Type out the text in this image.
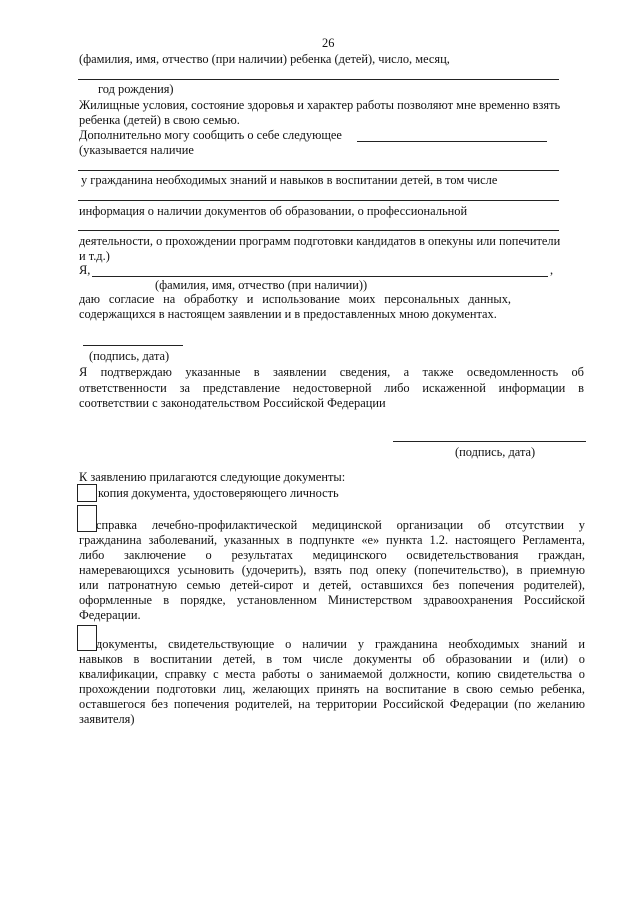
26
(фамилия, имя, отчество (при наличии) ребенка (детей), число, месяц,
год рождения)
Жилищные условия, состояние здоровья и характер работы позволяют мне временно взять
ребенка (детей) в свою семью.
Дополнительно могу сообщить о себе следующее
(указывается наличие
у гражданина необходимых знаний и навыков в воспитании детей, в том числе
информация о наличии документов об образовании, о профессиональной
деятельности, о прохождении программ подготовки кандидатов в опекуны или попечители
и т.д.)
Я,	,
(фамилия, имя, отчество (при наличии))
даю согласие на обработку и использование моих персональных данных,
содержащихся в настоящем заявлении и в предоставленных мною документах.
(подпись, дата)
Я подтверждаю указанные в заявлении сведения, а также осведомленность об
ответственности за представление недостоверной либо искаженной информации в
соответствии с законодательством Российской Федерации
(подпись, дата)
К заявлению прилагаются следующие документы:
копия документа, удостоверяющего личность
справка лечебно-профилактической медицинской организации об отсутствии у
гражданина заболеваний, указанных в подпункте «е» пункта 1.2. настоящего Регламента,
либо заключение о результатах медицинского освидетельствования граждан,
намеревающихся усыновить (удочерить), взять под опеку (попечительство), в приемную
или патронатную семью детей-сирот и детей, оставшихся без попечения родителей),
оформленные в порядке, установленном Министерством здравоохранения Российской
Федерации.
документы, свидетельствующие о наличии у гражданина необходимых знаний и
навыков в воспитании детей, в том числе документы об образовании и (или) о
квалификации, справку с места работы о занимаемой должности, копию свидетельства о
прохождении подготовки лиц, желающих принять на воспитание в свою семью ребенка,
оставшегося без попечения родителей, на территории Российской Федерации (по желанию
заявителя)
